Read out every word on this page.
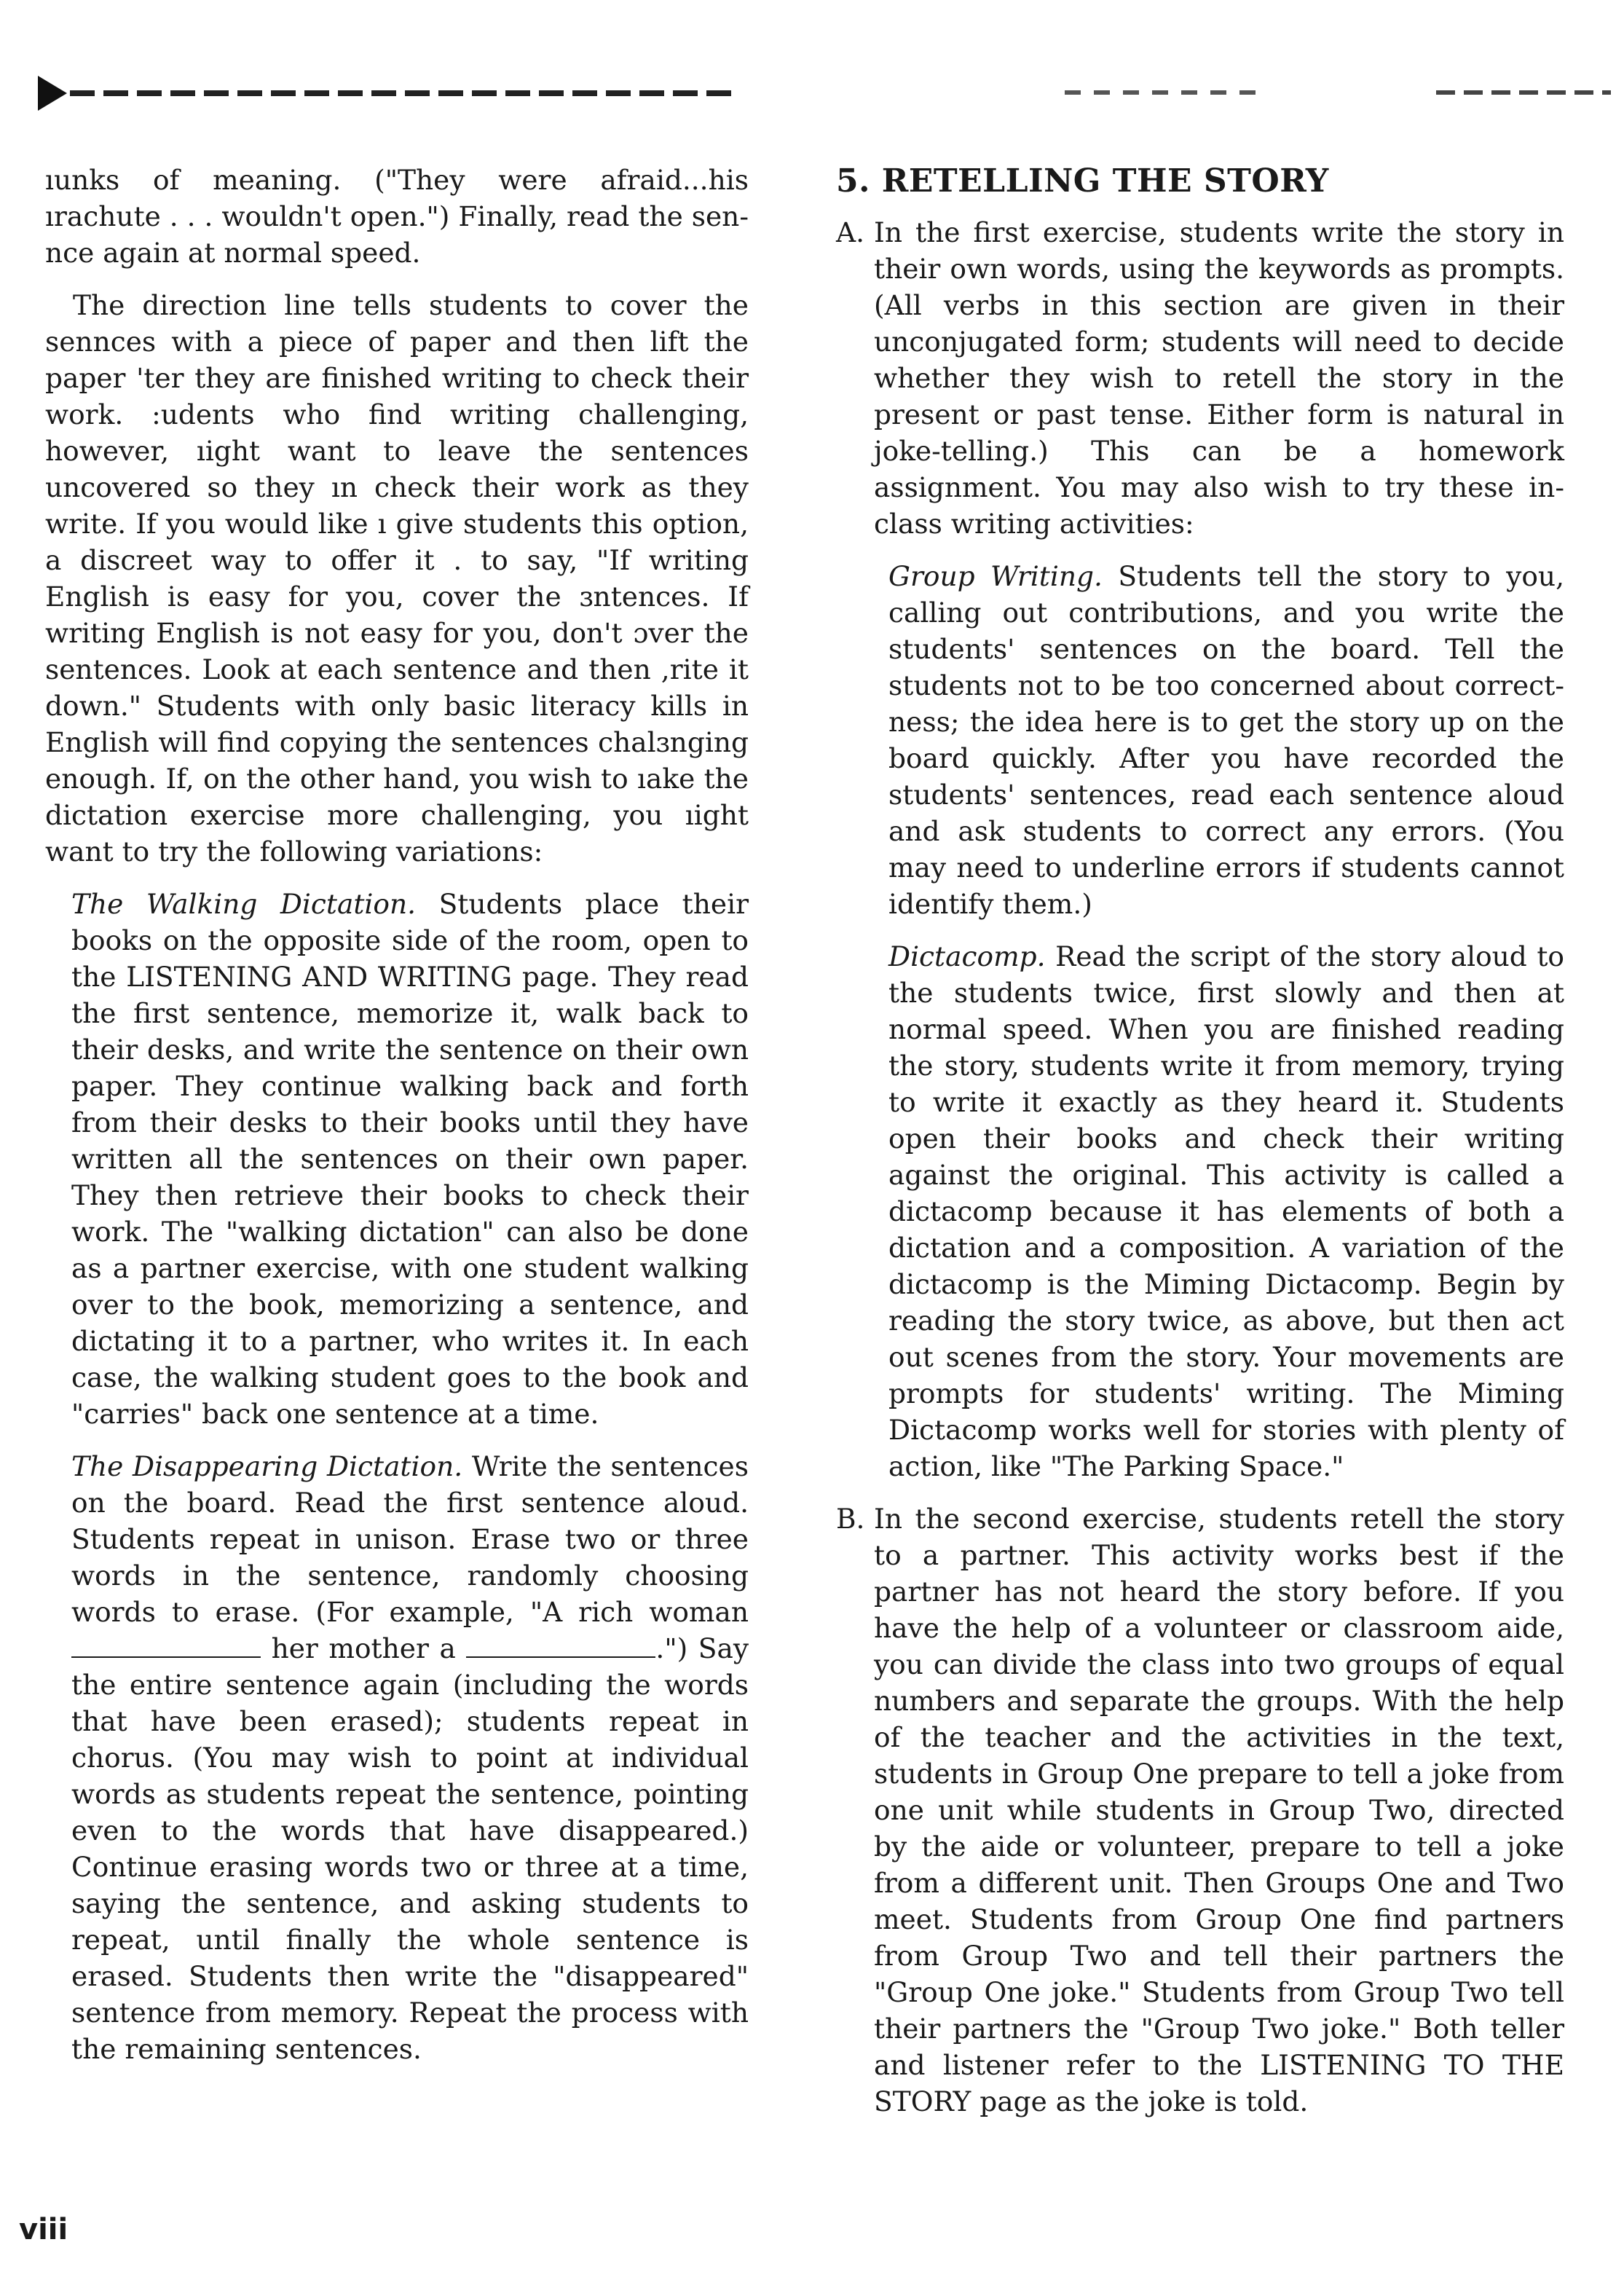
ıunks of meaning. ("They were afraid...his ırachute . . . wouldn't open.") Finally, read the sennce again at normal speed.

The direction line tells students to cover the sennces with a piece of paper and then lift the paper 'ter they are finished writing to check their work. :udents who find writing challenging, however, ıight want to leave the sentences uncovered so they ın check their work as they write. If you would like ı give students this option, a discreet way to offer it . to say, "If writing English is easy for you, cover the ɜntences. If writing English is not easy for you, don't ɔver the sentences. Look at each sentence and then ,rite it down." Students with only basic literacy kills in English will find copying the sentences chalɜnging enough. If, on the other hand, you wish to ıake the dictation exercise more challenging, you ıight want to try the following variations:

The Walking Dictation. Students place their books on the opposite side of the room, open to the LISTENING AND WRITING page. They read the first sentence, memorize it, walk back to their desks, and write the sentence on their own paper. They continue walking back and forth from their desks to their books until they have written all the sentences on their own paper. They then retrieve their books to check their work. The "walking dictation" can also be done as a partner exercise, with one student walking over to the book, memorizing a sentence, and dictating it to a partner, who writes it. In each case, the walking student goes to the book and "carries" back one sentence at a time.

The Disappearing Dictation. Write the sentences on the board. Read the first sentence aloud. Students repeat in unison. Erase two or three words in the sentence, randomly choosing words to erase. (For example, "A rich woman  her mother a	.") Say the entire sentence again (including the words that have been erased); students repeat in chorus. (You may wish to point at individual words as students repeat the sentence, pointing even to the words that have disappeared.) Continue erasing words two or three at a time, saying the sentence, and asking students to repeat, until finally the whole sentence is erased. Students then write the "disappeared" sentence from memory. Repeat the process with the remaining sentences.

5. RETELLING THE STORY
A. In the first exercise, students write the story in their own words, using the keywords as prompts. (All verbs in this section are given in their unconjugated form; students will need to decide whether they wish to retell the story in the present or past tense. Either form is natural in joke-telling.) This can be a homework assignment. You may also wish to try these in-class writing activities:

Group Writing. Students tell the story to you, calling out contributions, and you write the students' sentences on the board. Tell the students not to be too concerned about correctness; the idea here is to get the story up on the board quickly. After you have recorded the students' sentences, read each sentence aloud and ask students to correct any errors. (You may need to underline errors if students cannot identify them.)

Dictacomp. Read the script of the story aloud to the students twice, first slowly and then at normal speed. When you are finished reading the story, students write it from memory, trying to write it exactly as they heard it. Students open their books and check their writing against the original. This activity is called a dictacomp because it has elements of both a dictation and a composition. A variation of the dictacomp is the Miming Dictacomp. Begin by reading the story twice, as above, but then act out scenes from the story. Your movements are prompts for students' writing. The Miming Dictacomp works well for stories with plenty of action, like "The Parking Space."

B. In the second exercise, students retell the story to a partner. This activity works best if the partner has not heard the story before. If you have the help of a volunteer or classroom aide, you can divide the class into two groups of equal numbers and separate the groups. With the help of the teacher and the activities in the text, students in Group One prepare to tell a joke from one unit while students in Group Two, directed by the aide or volunteer, prepare to tell a joke from a different unit. Then Groups One and Two meet. Students from Group One find partners from Group Two and tell their partners the "Group One joke." Students from Group Two tell their partners the "Group Two joke." Both teller and listener refer to the LISTENING TO THE STORY page as the joke is told.

viii
